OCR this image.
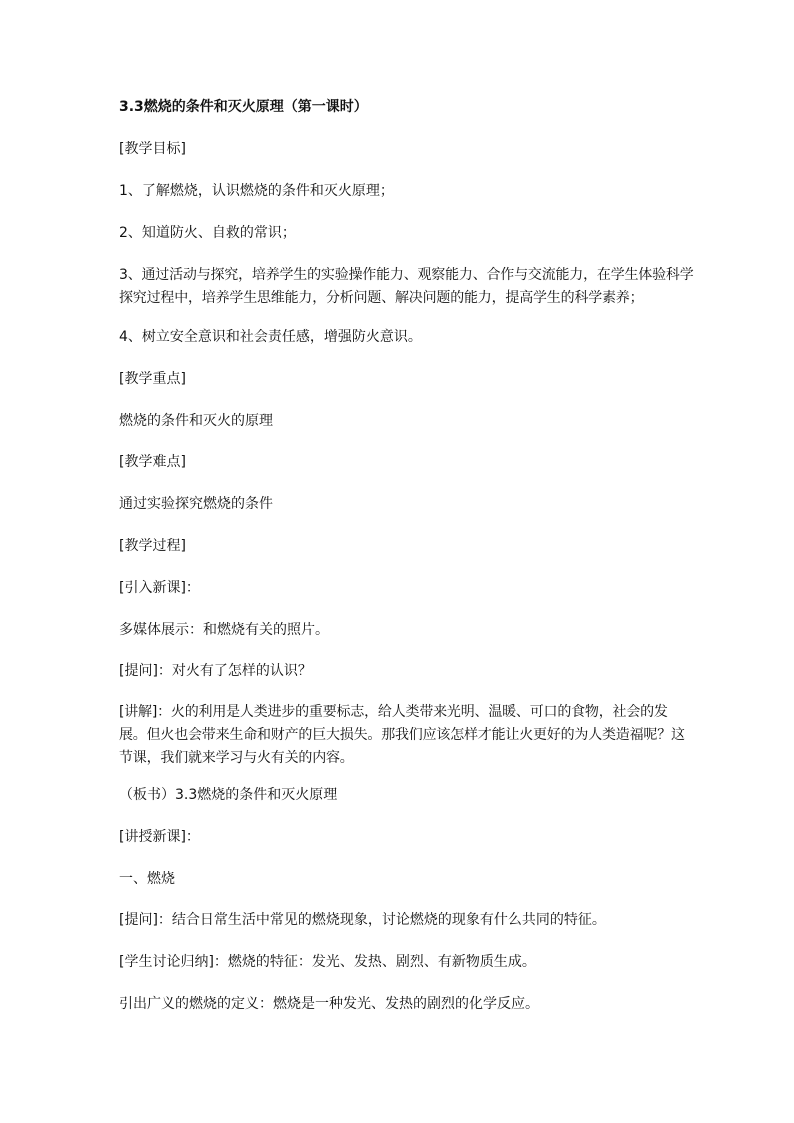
3.3燃烧的条件和灭火原理（第一课时）
[教学目标]
1、了解燃烧，认识燃烧的条件和灭火原理；
2、知道防火、自救的常识；
3、通过活动与探究，培养学生的实验操作能力、观察能力、合作与交流能力，在学生体验科学探究过程中，培养学生思维能力，分析问题、解决问题的能力，提高学生的科学素养；
4、树立安全意识和社会责任感，增强防火意识。
[教学重点]
燃烧的条件和灭火的原理
[教学难点]
通过实验探究燃烧的条件
[教学过程]
[引入新课]：
多媒体展示：和燃烧有关的照片。
[提问]：对火有了怎样的认识？
[讲解]：火的利用是人类进步的重要标志，给人类带来光明、温暖、可口的食物，社会的发展。但火也会带来生命和财产的巨大损失。那我们应该怎样才能让火更好的为人类造福呢？这节课，我们就来学习与火有关的内容。
（板书）3.3燃烧的条件和灭火原理
[讲授新课]：
一、燃烧
[提问]：结合日常生活中常见的燃烧现象，讨论燃烧的现象有什么共同的特征。
[学生讨论归纳]：燃烧的特征：发光、发热、剧烈、有新物质生成。
引出广义的燃烧的定义：燃烧是一种发光、发热的剧烈的化学反应。
